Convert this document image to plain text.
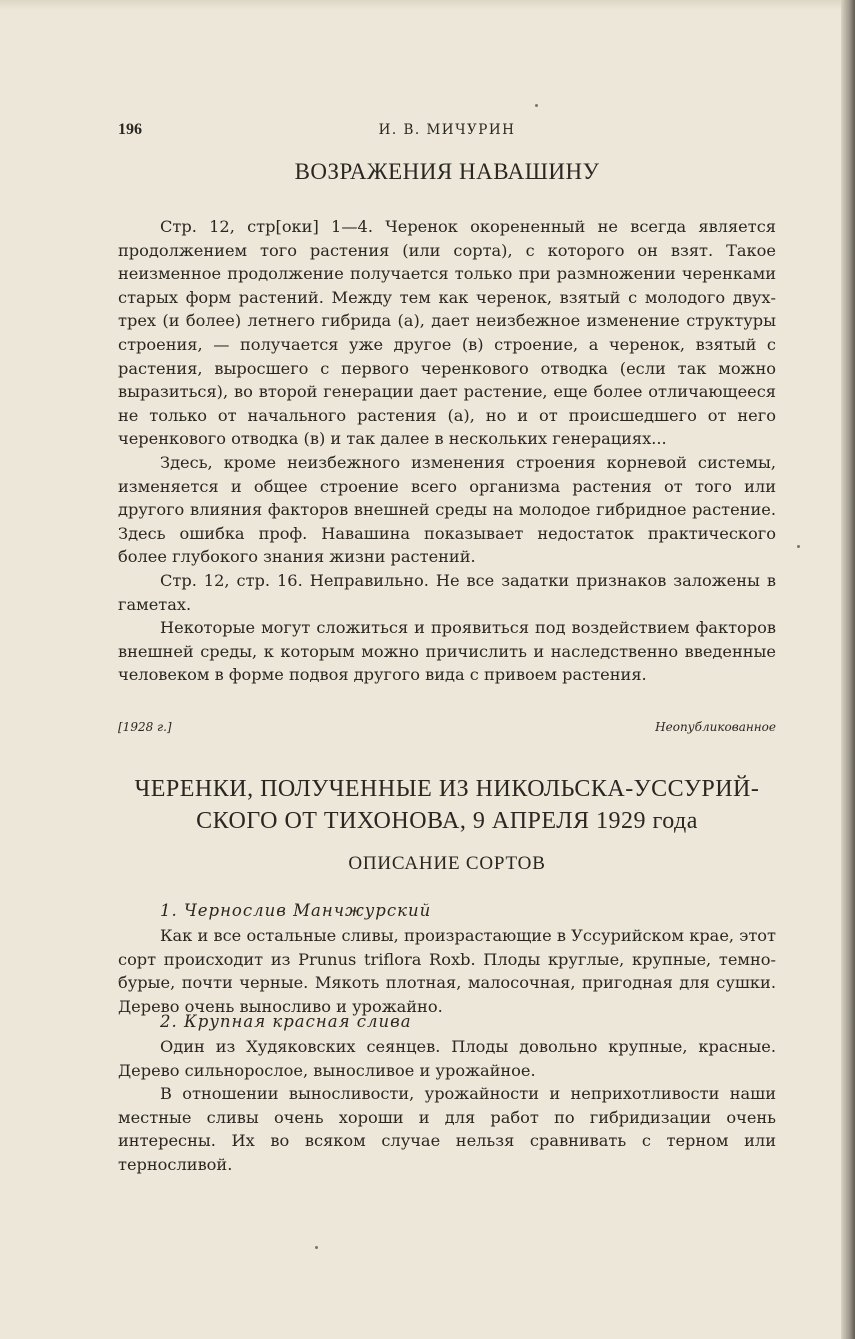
196	И. В. МИЧУРИН
ВОЗРАЖЕНИЯ НАВАШИНУ

Стр. 12, стр[оки] 1—4. Черенок окорененный не всегда является продолжением того растения (или сорта), с которого он взят. Такое неизменное продолжение получается только при размножении черенками старых форм растений. Между тем как черенок, взятый с молодого двух-трех (и более) летнего гибрида (а), дает неизбежное изменение структуры строения, — получается уже другое (в) строение, а черенок, взятый с растения, выросшего с первого черенкового отводка (если так можно выразиться), во второй генерации дает растение, еще более отличающееся не только от начального растения (а), но и от происшедшего от него черенкового отводка (в) и так далее в нескольких генерациях...

Здесь, кроме неизбежного изменения строения корневой системы, изменяется и общее строение всего организма растения от того или другого влияния факторов внешней среды на молодое гибридное растение. Здесь ошибка проф. Навашина показывает недостаток практического более глубокого знания жизни растений.

Стр. 12, стр. 16. Неправильно. Не все задатки признаков заложены в гаметах.

Некоторые могут сложиться и проявиться под воздействием факторов внешней среды, к которым можно причислить и наследственно введенные человеком в форме подвоя другого вида с привоем растения.

[1928 г.]	Неопубликованное
ЧЕРЕНКИ, ПОЛУЧЕННЫЕ ИЗ НИКОЛЬСКА-УССУРИЙ-
СКОГО ОТ ТИХОНОВА, 9 АПРЕЛЯ 1929 года
ОПИСАНИЕ СОРТОВ
1. Чернослив Манчжурский

Как и все остальные сливы, произрастающие в Уссурийском крае, этот сорт происходит из Prunus triflora Roxb. Плоды круглые, крупные, темно-бурые, почти черные. Мякоть плотная, малосочная, пригодная для сушки. Дерево очень выносливо и урожайно.

2. Крупная красная слива

Один из Худяковских сеянцев. Плоды довольно крупные, красные. Дерево сильнорослое, выносливое и урожайное.

В отношении выносливости, урожайности и неприхотливости наши местные сливы очень хороши и для работ по гибридизации очень интересны. Их во всяком случае нельзя сравнивать с терном или терносливой.
